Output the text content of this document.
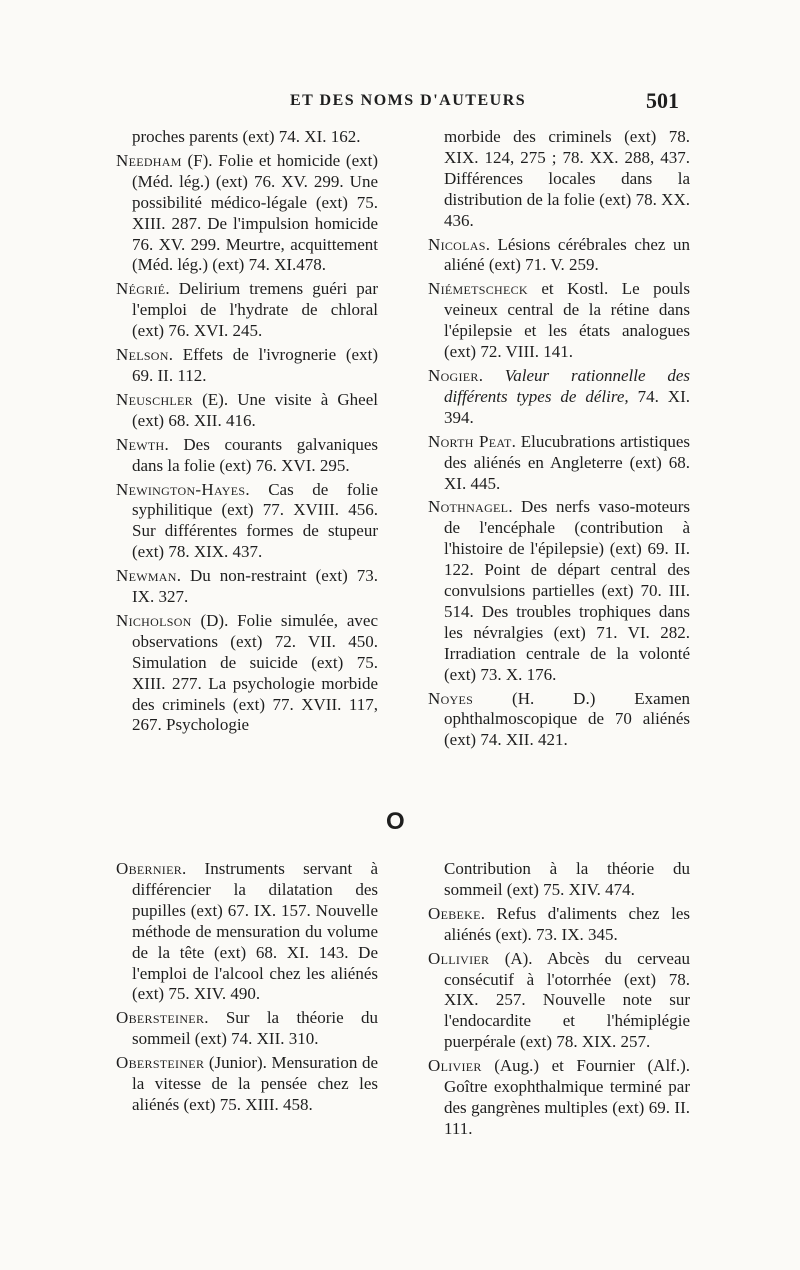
ET DES NOMS D'AUTEURS	501

proches parents (ext) 74. XI. 162.

Needham (F). Folie et homicide (ext) (Méd. lég.) (ext) 76. XV. 299. Une possibilité médico-légale (ext) 75. XIII. 287. De l'impulsion homicide 76. XV. 299. Meurtre, acquittement (Méd. lég.) (ext) 74. XI.478.

Négrié. Delirium tremens guéri par l'emploi de l'hydrate de chloral (ext) 76. XVI. 245.

Nelson. Effets de l'ivrognerie (ext) 69. II. 112.

Neuschler (E). Une visite à Gheel (ext) 68. XII. 416.

Newth. Des courants galvaniques dans la folie (ext) 76. XVI. 295.

Newington-Hayes. Cas de folie syphilitique (ext) 77. XVIII. 456. Sur différentes formes de stupeur (ext) 78. XIX. 437.

Newman. Du non-restraint (ext) 73. IX. 327.

Nicholson (D). Folie simulée, avec observations (ext) 72. VII. 450. Simulation de suicide (ext) 75. XIII. 277. La psychologie morbide des criminels (ext) 77. XVII. 117, 267. Psychologie

morbide des criminels (ext) 78. XIX. 124, 275 ; 78. XX. 288, 437. Différences locales dans la distribution de la folie (ext) 78. XX. 436.

Nicolas. Lésions cérébrales chez un aliéné (ext) 71. V. 259.

Niémetscheck et Kostl. Le pouls veineux central de la rétine dans l'épilepsie et les états analogues (ext) 72. VIII. 141.

Nogier. Valeur rationnelle des différents types de délire, 74. XI. 394.

North Peat. Elucubrations artistiques des aliénés en Angleterre (ext) 68. XI. 445.

Nothnagel. Des nerfs vaso-moteurs de l'encéphale (contribution à l'histoire de l'épilepsie) (ext) 69. II. 122. Point de départ central des convulsions partielles (ext) 70. III. 514. Des troubles trophiques dans les névralgies (ext) 71. VI. 282. Irradiation centrale de la volonté (ext) 73. X. 176.

Noyes (H. D.) Examen ophthalmoscopique de 70 aliénés (ext) 74. XII. 421.

O

Obernier. Instruments servant à différencier la dilatation des pupilles (ext) 67. IX. 157. Nouvelle méthode de mensuration du volume de la tête (ext) 68. XI. 143. De l'emploi de l'alcool chez les aliénés (ext) 75. XIV. 490.

Obersteiner. Sur la théorie du sommeil (ext) 74. XII. 310.

Obersteiner (Junior). Mensuration de la vitesse de la pensée chez les aliénés (ext) 75. XIII. 458.

Contribution à la théorie du sommeil (ext) 75. XIV. 474.

Oebeke. Refus d'aliments chez les aliénés (ext). 73. IX. 345.

Ollivier (A). Abcès du cerveau consécutif à l'otorrhée (ext) 78. XIX. 257. Nouvelle note sur l'endocardite et l'hémiplégie puerpérale (ext) 78. XIX. 257.

Olivier (Aug.) et Fournier (Alf.). Goître exophthalmique terminé par des gangrènes multiples (ext) 69. II. 111.
